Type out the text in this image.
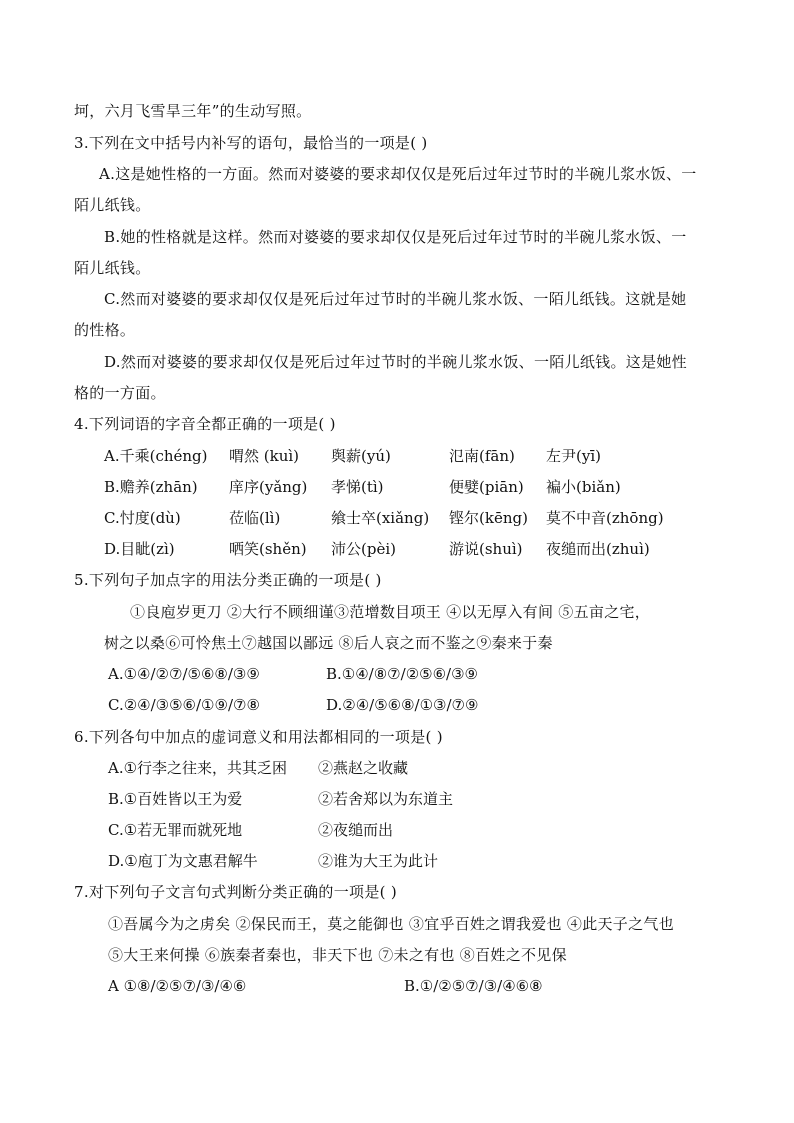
坷，六月飞雪旱三年”的生动写照。
3.下列在文中括号内补写的语句，最恰当的一项是( )
A.这是她性格的一方面。然而对婆婆的要求却仅仅是死后过年过节时的半碗儿浆水饭、一
陌儿纸钱。
B.她的性格就是这样。然而对婆婆的要求却仅仅是死后过年过节时的半碗儿浆水饭、一
陌儿纸钱。
C.然而对婆婆的要求却仅仅是死后过年过节时的半碗儿浆水饭、一陌儿纸钱。这就是她
的性格。
D.然而对婆婆的要求却仅仅是死后过年过节时的半碗儿浆水饭、一陌儿纸钱。这是她性
格的一方面。
4.下列词语的字音全都正确的一项是( )
A.千乘(chéng) 喟然 (kuì) 舆薪(yú)	氾南(fān) 左尹(yī)
B.赡养(zhān) 庠序(yǎng) 孝悌(tì)	便嬖(piān) 褊小(biǎn)
C.忖度(dù)	莅临(lì)	飨士卒(xiǎng) 铿尔(kēng) 莫不中音(zhōng)
D.目眦(zì)	哂笑(shěn) 沛公(pèi)	游说(shuì) 夜缒而出(zhuì)
5.下列句子加点字的用法分类正确的一项是( )
①良庖岁更刀 ②大行不顾细谨③范增数目项王 ④以无厚入有间 ⑤五亩之宅，
树之以桑⑥可怜焦土⑦越国以鄙远 ⑧后人哀之而不鉴之⑨秦来于秦
A.①④/②⑦/⑤⑥⑧/③⑨	B.①④/⑧⑦/②⑤⑥/③⑨
C.②④/③⑤⑥/①⑨/⑦⑧	D.②④/⑤⑥⑧/①③/⑦⑨
6.下列各句中加点的虚词意义和用法都相同的一项是( )
A.①行李之往来，共其乏困 ②燕赵之收藏
B.①百姓皆以王为爱	②若舍郑以为东道主
C.①若无罪而就死地	②夜缒而出
D.①庖丁为文惠君解牛	②谁为大王为此计
7.对下列句子文言句式判断分类正确的一项是( )
①吾属今为之虏矣 ②保民而王，莫之能御也 ③宜乎百姓之谓我爱也 ④此天子之气也
⑤大王来何操 ⑥族秦者秦也，非天下也 ⑦未之有也 ⑧百姓之不见保
A ①⑧/②⑤⑦/③/④⑥	B.①/②⑤⑦/③/④⑥⑧
